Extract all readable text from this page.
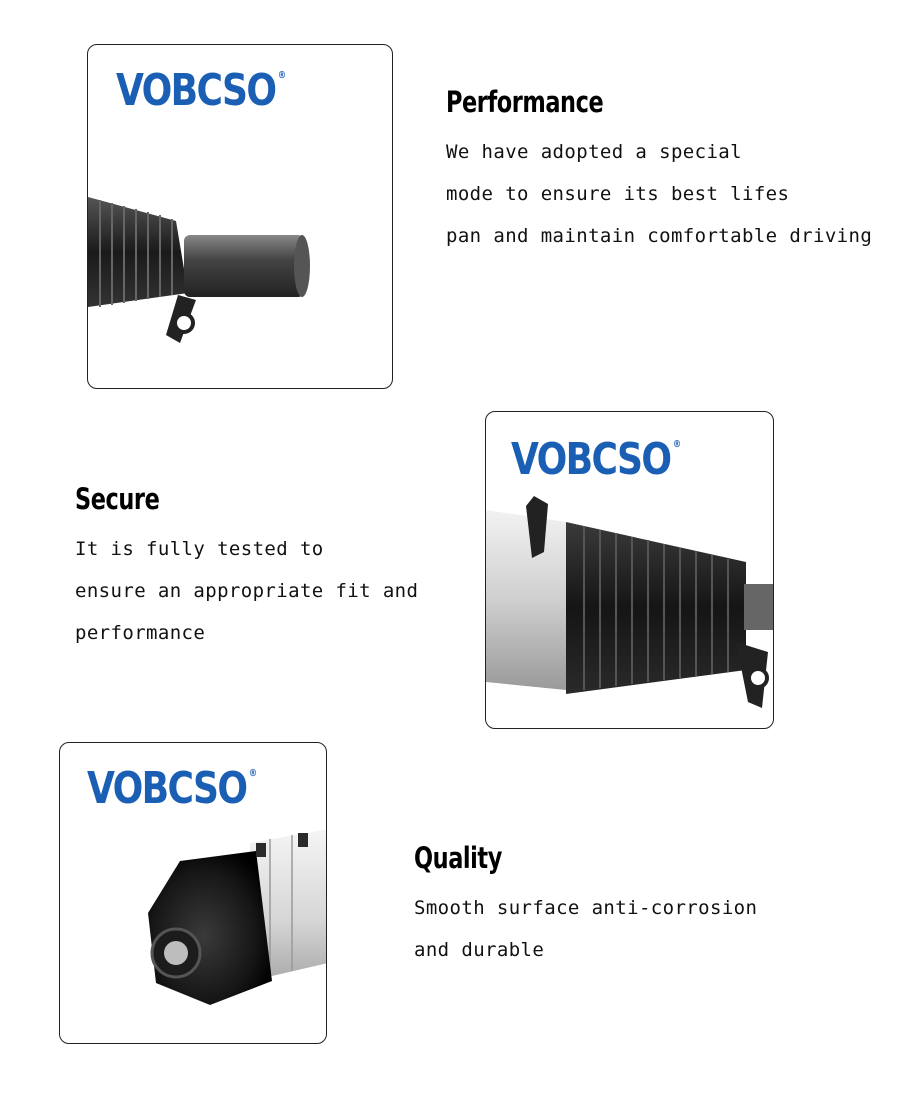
VOBCSO ®
Performance
We have adopted a special
mode to ensure its best lifes
pan and maintain comfortable driving
VOBCSO ®
Secure
It is fully tested to
ensure an appropriate fit and
performance
VOBCSO ®
Quality
Smooth surface anti-corrosion
and durable
